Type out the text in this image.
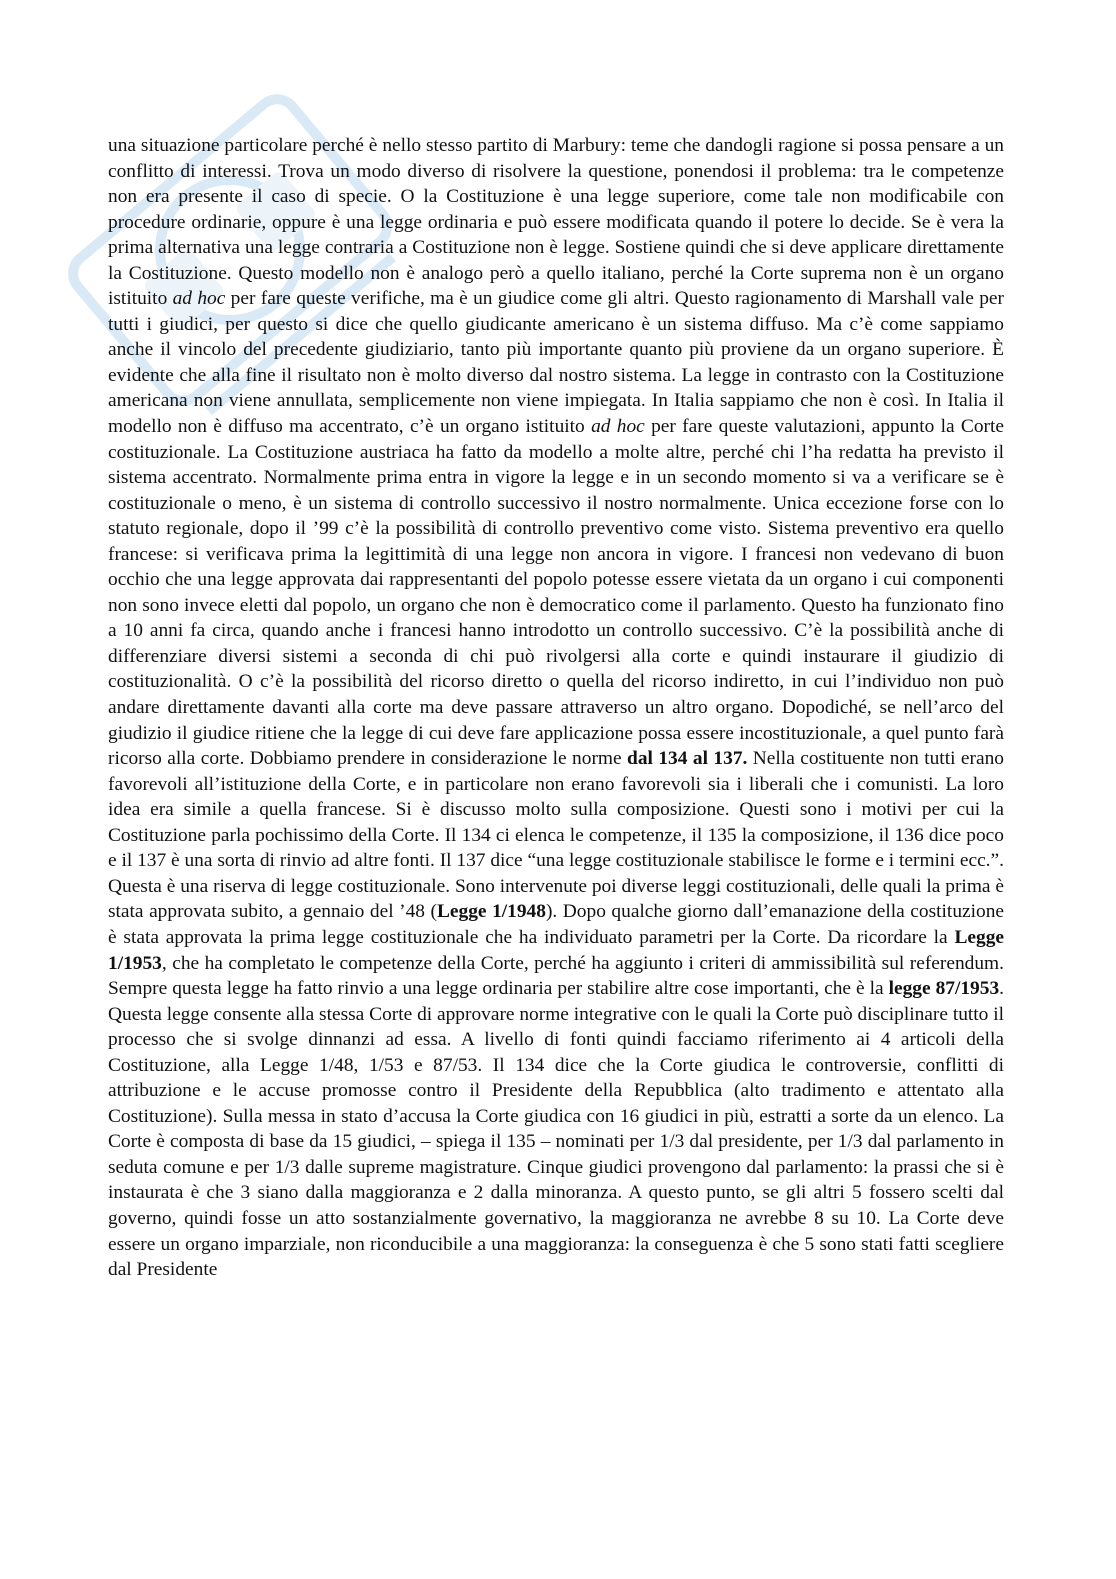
una situazione particolare perché è nello stesso partito di Marbury: teme che dandogli ragione si possa pensare a un conflitto di interessi. Trova un modo diverso di risolvere la questione, ponendosi il problema: tra le competenze non era presente il caso di specie. O la Costituzione è una legge superiore, come tale non modificabile con procedure ordinarie, oppure è una legge ordinaria e può essere modificata quando il potere lo decide. Se è vera la prima alternativa una legge contraria a Costituzione non è legge. Sostiene quindi che si deve applicare direttamente la Costituzione. Questo modello non è analogo però a quello italiano, perché la Corte suprema non è un organo istituito ad hoc per fare queste verifiche, ma è un giudice come gli altri. Questo ragionamento di Marshall vale per tutti i giudici, per questo si dice che quello giudicante americano è un sistema diffuso. Ma c’è come sappiamo anche il vincolo del precedente giudiziario, tanto più importante quanto più proviene da un organo superiore. È evidente che alla fine il risultato non è molto diverso dal nostro sistema. La legge in contrasto con la Costituzione americana non viene annullata, semplicemente non viene impiegata. In Italia sappiamo che non è così. In Italia il modello non è diffuso ma accentrato, c’è un organo istituito ad hoc per fare queste valutazioni, appunto la Corte costituzionale. La Costituzione austriaca ha fatto da modello a molte altre, perché chi l’ha redatta ha previsto il sistema accentrato. Normalmente prima entra in vigore la legge e in un secondo momento si va a verificare se è costituzionale o meno, è un sistema di controllo successivo il nostro normalmente. Unica eccezione forse con lo statuto regionale, dopo il ’99 c’è la possibilità di controllo preventivo come visto. Sistema preventivo era quello francese: si verificava prima la legittimità di una legge non ancora in vigore. I francesi non vedevano di buon occhio che una legge approvata dai rappresentanti del popolo potesse essere vietata da un organo i cui componenti non sono invece eletti dal popolo, un organo che non è democratico come il parlamento. Questo ha funzionato fino a 10 anni fa circa, quando anche i francesi hanno introdotto un controllo successivo. C’è la possibilità anche di differenziare diversi sistemi a seconda di chi può rivolgersi alla corte e quindi instaurare il giudizio di costituzionalità. O c’è la possibilità del ricorso diretto o quella del ricorso indiretto, in cui l’individuo non può andare direttamente davanti alla corte ma deve passare attraverso un altro organo. Dopodiché, se nell’arco del giudizio il giudice ritiene che la legge di cui deve fare applicazione possa essere incostituzionale, a quel punto farà ricorso alla corte. Dobbiamo prendere in considerazione le norme dal 134 al 137. Nella costituente non tutti erano favorevoli all’istituzione della Corte, e in particolare non erano favorevoli sia i liberali che i comunisti. La loro idea era simile a quella francese. Si è discusso molto sulla composizione. Questi sono i motivi per cui la Costituzione parla pochissimo della Corte. Il 134 ci elenca le competenze, il 135 la composizione, il 136 dice poco e il 137 è una sorta di rinvio ad altre fonti. Il 137 dice “una legge costituzionale stabilisce le forme e i termini ecc.”. Questa è una riserva di legge costituzionale. Sono intervenute poi diverse leggi costituzionali, delle quali la prima è stata approvata subito, a gennaio del ’48 (Legge 1/1948). Dopo qualche giorno dall’emanazione della costituzione è stata approvata la prima legge costituzionale che ha individuato parametri per la Corte. Da ricordare la Legge 1/1953, che ha completato le competenze della Corte, perché ha aggiunto i criteri di ammissibilità sul referendum. Sempre questa legge ha fatto rinvio a una legge ordinaria per stabilire altre cose importanti, che è la legge 87/1953. Questa legge consente alla stessa Corte di approvare norme integrative con le quali la Corte può disciplinare tutto il processo che si svolge dinnanzi ad essa. A livello di fonti quindi facciamo riferimento ai 4 articoli della Costituzione, alla Legge 1/48, 1/53 e 87/53. Il 134 dice che la Corte giudica le controversie, conflitti di attribuzione e le accuse promosse contro il Presidente della Repubblica (alto tradimento e attentato alla Costituzione). Sulla messa in stato d’accusa la Corte giudica con 16 giudici in più, estratti a sorte da un elenco. La Corte è composta di base da 15 giudici, – spiega il 135 – nominati per 1/3 dal presidente, per 1/3 dal parlamento in seduta comune e per 1/3 dalle supreme magistrature. Cinque giudici provengono dal parlamento: la prassi che si è instaurata è che 3 siano dalla maggioranza e 2 dalla minoranza. A questo punto, se gli altri 5 fossero scelti dal governo, quindi fosse un atto sostanzialmente governativo, la maggioranza ne avrebbe 8 su 10. La Corte deve essere un organo imparziale, non riconducibile a una maggioranza: la conseguenza è che 5 sono stati fatti scegliere dal Presidente
